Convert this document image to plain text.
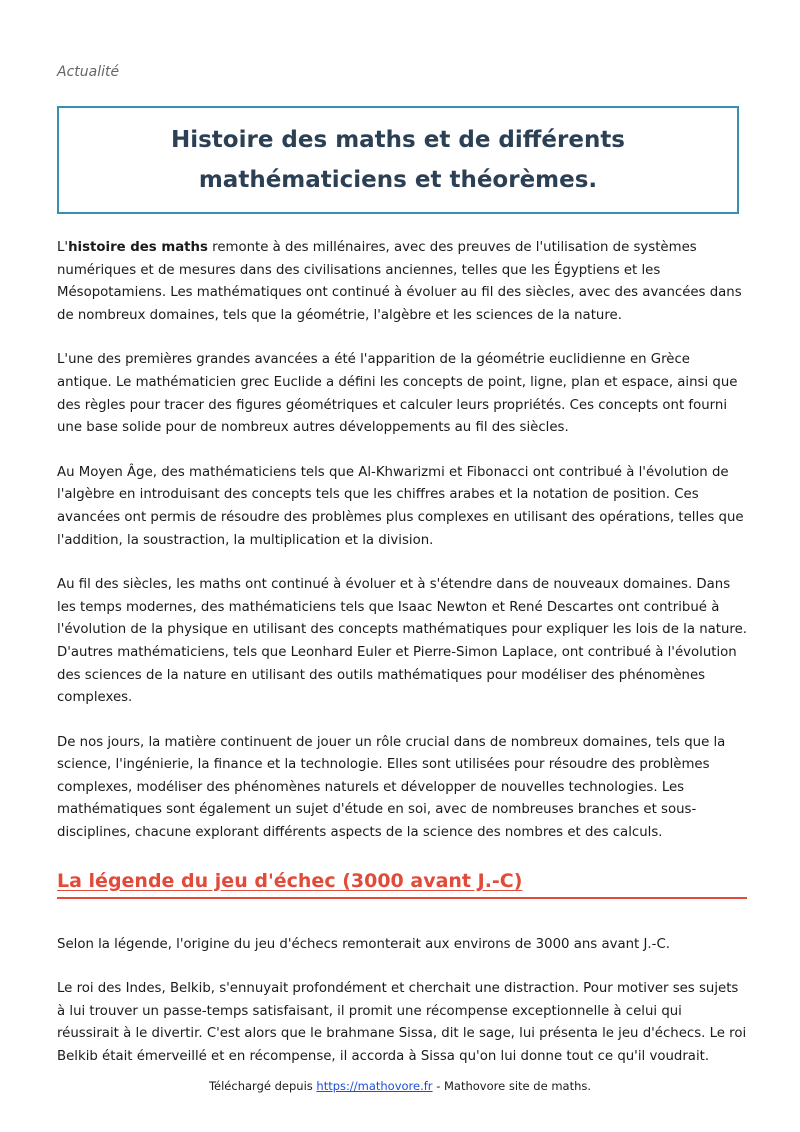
Actualité
Histoire des maths et de différents mathématiciens et théorèmes.

L'histoire des maths remonte à des millénaires, avec des preuves de l'utilisation de systèmes numériques et de mesures dans des civilisations anciennes, telles que les Égyptiens et les Mésopotamiens. Les mathématiques ont continué à évoluer au fil des siècles, avec des avancées dans de nombreux domaines, tels que la géométrie, l'algèbre et les sciences de la nature.

L'une des premières grandes avancées a été l'apparition de la géométrie euclidienne en Grèce antique. Le mathématicien grec Euclide a défini les concepts de point, ligne, plan et espace, ainsi que des règles pour tracer des figures géométriques et calculer leurs propriétés. Ces concepts ont fourni une base solide pour de nombreux autres développements au fil des siècles.

Au Moyen Âge, des mathématiciens tels que Al-Khwarizmi et Fibonacci ont contribué à l'évolution de l'algèbre en introduisant des concepts tels que les chiffres arabes et la notation de position. Ces avancées ont permis de résoudre des problèmes plus complexes en utilisant des opérations, telles que l'addition, la soustraction, la multiplication et la division.

Au fil des siècles, les maths ont continué à évoluer et à s'étendre dans de nouveaux domaines. Dans les temps modernes, des mathématiciens tels que Isaac Newton et René Descartes ont contribué à l'évolution de la physique en utilisant des concepts mathématiques pour expliquer les lois de la nature. D'autres mathématiciens, tels que Leonhard Euler et Pierre-Simon Laplace, ont contribué à l'évolution des sciences de la nature en utilisant des outils mathématiques pour modéliser des phénomènes complexes.

De nos jours, la matière continuent de jouer un rôle crucial dans de nombreux domaines, tels que la science, l'ingénierie, la finance et la technologie. Elles sont utilisées pour résoudre des problèmes complexes, modéliser des phénomènes naturels et développer de nouvelles technologies. Les mathématiques sont également un sujet d'étude en soi, avec de nombreuses branches et sous-disciplines, chacune explorant différents aspects de la science des nombres et des calculs.

La légende du jeu d'échec (3000 avant J.-C)

Selon la légende, l'origine du jeu d'échecs remonterait aux environs de 3000 ans avant J.-C.

Le roi des Indes, Belkib, s'ennuyait profondément et cherchait une distraction. Pour motiver ses sujets à lui trouver un passe-temps satisfaisant, il promit une récompense exceptionnelle à celui qui réussirait à le divertir. C'est alors que le brahmane Sissa, dit le sage, lui présenta le jeu d'échecs. Le roi Belkib était émerveillé et en récompense, il accorda à Sissa qu'on lui donne tout ce qu'il voudrait.

Téléchargé depuis https://mathovore.fr - Mathovore site de maths.
